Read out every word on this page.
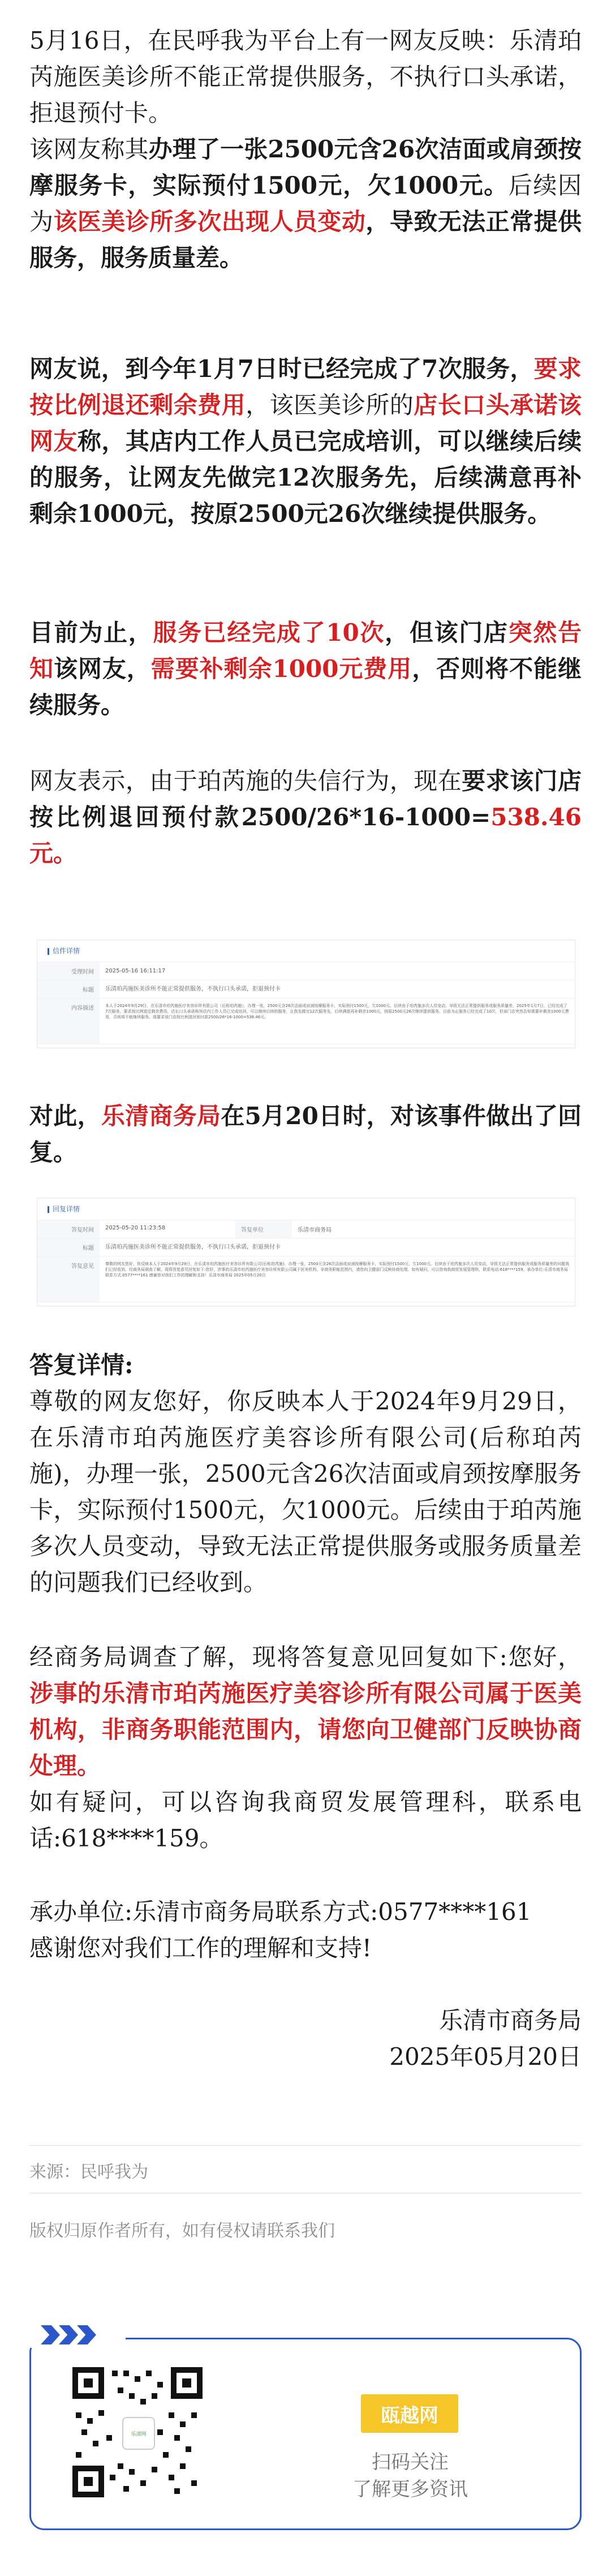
5月16日，在民呼我为平台上有一网友反映：乐清珀芮施医美诊所不能正常提供服务，不执行口头承诺，拒退预付卡。

该网友称其办理了一张2500元含26次洁面或肩颈按摩服务卡，实际预付1500元，欠1000元。后续因为该医美诊所多次出现人员变动，导致无法正常提供服务，服务质量差。

网友说，到今年1月7日时已经完成了7次服务，要求按比例退还剩余费用，该医美诊所的店长口头承诺该网友称，其店内工作人员已完成培训，可以继续后续的服务，让网友先做完12次服务先，后续满意再补剩余1000元，按原2500元26次继续提供服务。

目前为止，服务已经完成了10次，但该门店突然告知该网友，需要补剩余1000元费用，否则将不能继续服务。

网友表示，由于珀芮施的失信行为，现在要求该门店按比例退回预付款2500/26*16-1000=538.46元。

信件详情
受理时间	2025-05-16 16:11:17
标题	乐清珀芮施医美诊所不能正常提供服务，不执行口头承诺，拒退预付卡
内容描述	本人于2024年9月29日，在乐清市珀芮施医疗美容诊所有限公司（后称珀芮施），办理一张，2500元含26次洁面或肩颈按摩服务卡，实际预付1500元，欠1000元。后续由于珀芮施多次人员变动，导致无法正常提供服务或服务质量差，2025年1月7日，已经完成了7次服务，要求按比例退还剩余费用，店长口头承诺称其店内工作人员已完成培训，可以继续后续的服务，让我先做完12次服务先，后续满意再补剩余1000元，按原2500元26次继续提供服务。目前为止服务已经完成了10次，但该门店突然告知需要补剩余1000元费用，否则将不能继续服务。现要求该门店按比例退回预付款2500/26*16-1000=538.46元。

对此，乐清商务局在5月20日时，对该事件做出了回复。

回复详情
答复时间	2025-05-20 11:23:58	答复单位	乐清市商务局
标题	乐清珀芮施医美诊所不能正常提供服务，不执行口头承诺，拒退预付卡
答复意见	尊敬的网友您好，你反映本人于2024年9月29日，在乐清市珀芮施医疗美容诊所有限公司(后称珀芮施)，办理一张，2500元含26次洁面或肩颈按摩服务卡，实际预付1500元，欠1000元。后续由于珀芮施多次人员变动，导致无法正常提供服务或服务质量差的问题我们已经收到。经商务局调查了解，现将答复意见回复如下:您好，涉事的乐清市珀芮施医疗美容诊所有限公司属于医美机构，非商务职能范围内，请您向卫健部门反映协商处理。如有疑问，可以咨询我商贸发展管理科，联系电话:618****159。承办单位:乐清市商务局 联系方式:0577****161 感谢您对我们工作的理解和支持！乐清市商务局 2025年05月20日

答复详情:
尊敬的网友您好，你反映本人于2024年9月29日，在乐清市珀芮施医疗美容诊所有限公司(后称珀芮施)，办理一张，2500元含26次洁面或肩颈按摩服务卡，实际预付1500元，欠1000元。后续由于珀芮施多次人员变动，导致无法正常提供服务或服务质量差的问题我们已经收到。

经商务局调查了解，现将答复意见回复如下:您好，涉事的乐清市珀芮施医疗美容诊所有限公司属于医美机构，非商务职能范围内，请您向卫健部门反映协商处理。

如有疑问，可以咨询我商贸发展管理科，联系电话:618****159。

承办单位:乐清市商务局联系方式:0577****161
感谢您对我们工作的理解和支持!

乐清市商务局

2025年05月20日

来源：民呼我为
版权归原作者所有，如有侵权请联系我们
乐清网
瓯越网
扫码关注
了解更多资讯
